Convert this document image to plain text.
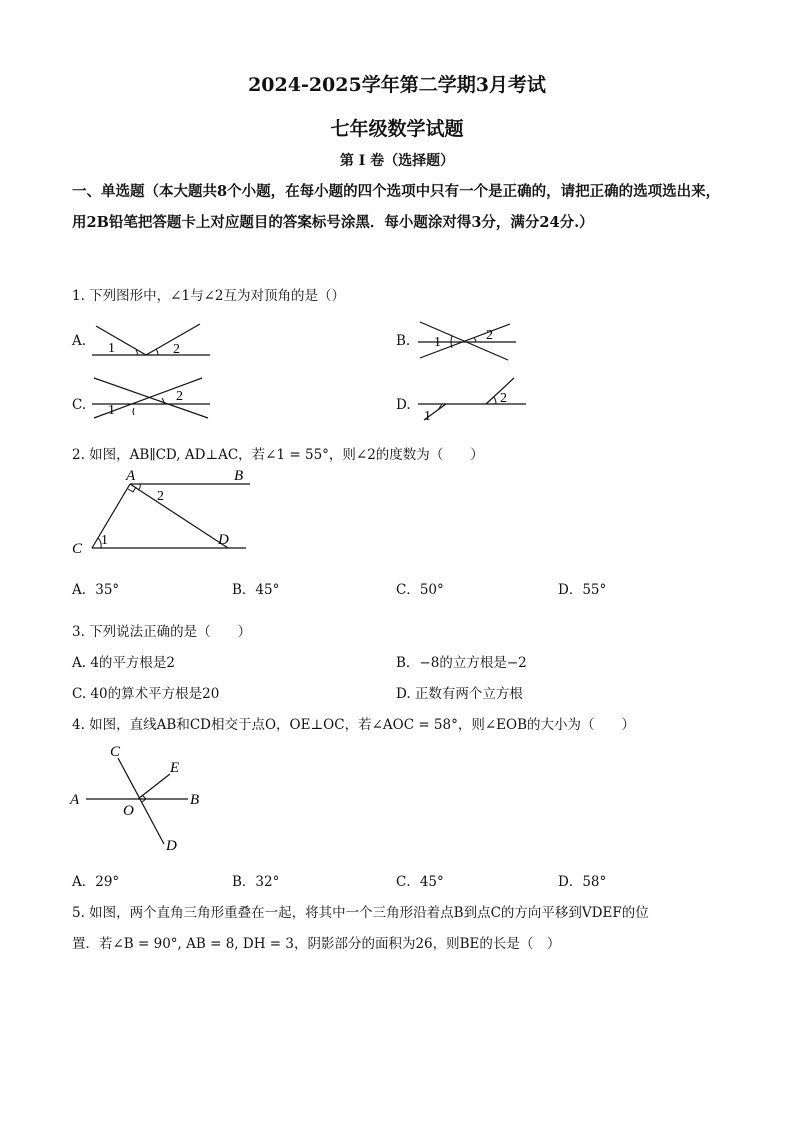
2024-2025学年第二学期3月考试
七年级数学试题
第 I 卷（选择题）
一、单选题（本大题共8个小题，在每小题的四个选项中只有一个是正确的，请把正确的选项选出来，用2B铅笔把答题卡上对应题目的答案标号涂黑．每小题涂对得3分，满分24分.）
1. 下列图形中，∠1与∠2互为对顶角的是（）
A. 1	2
B. 1	2
C. 1
2
D.
1
2
2. 如图，AB∥CD, AD⊥AC，若∠1 = 55°，则∠2的度数为（　　）
A	B
C
D
1
2
A．35°	B．45°	C．50°	D．55°
3. 下列说法正确的是（　　）
A. 4的平方根是2	B．−8的立方根是−2
C. 40的算术平方根是20	D. 正数有两个立方根
4. 如图，直线AB和CD相交于点O，OE⊥OC，若∠AOC = 58°，则∠EOB的大小为（　　）
C
E
A	B
O
D
A．29°	B．32°	C．45°	D．58°
5. 如图，两个直角三角形重叠在一起，将其中一个三角形沿着点B到点C的方向平移到VDEF的位
置．若∠B = 90°, AB = 8, DH = 3，阴影部分的面积为26，则BE的长是（　）
